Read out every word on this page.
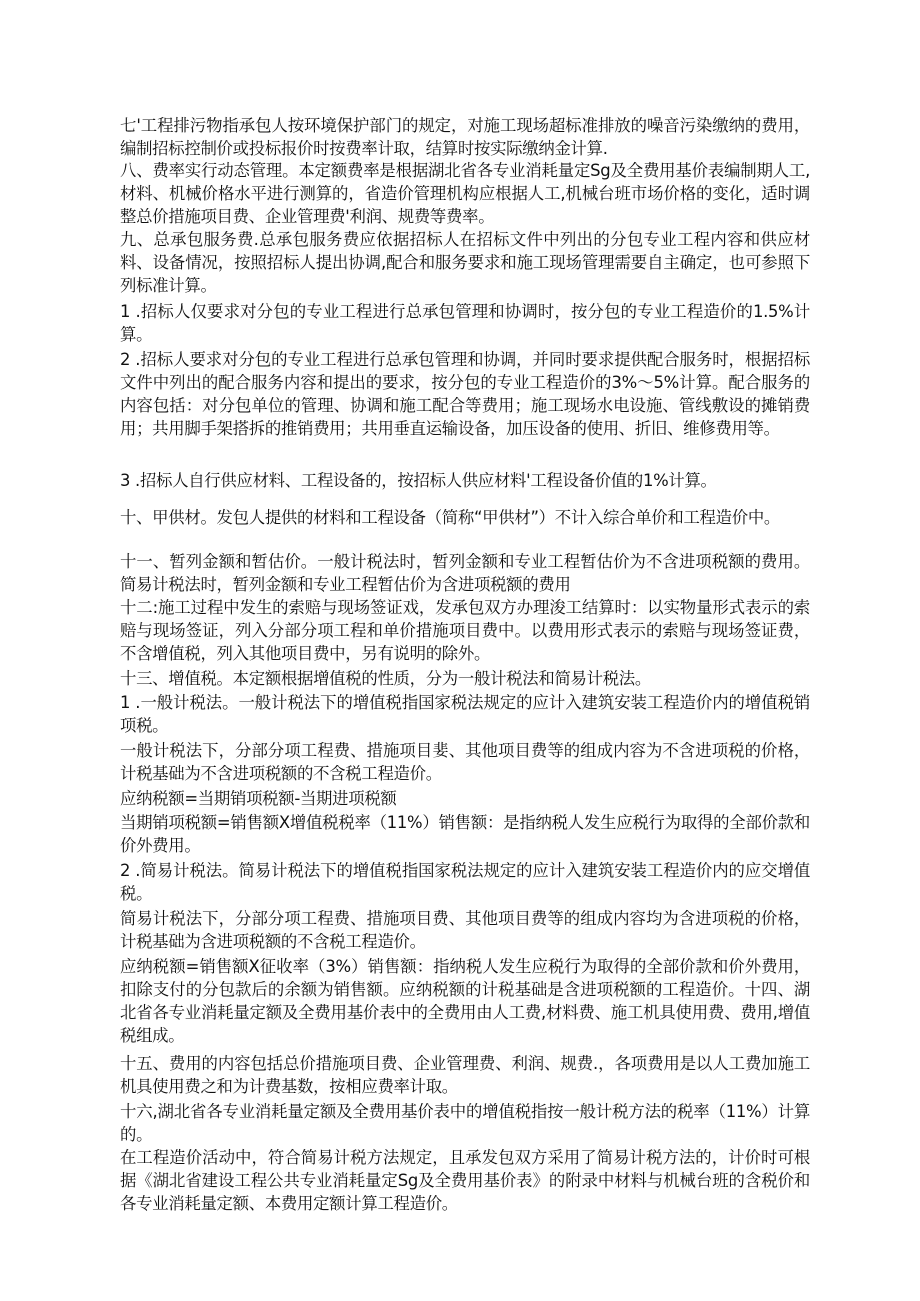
七'工程排污物指承包人按环境保护部门的规定，对施工现场超标准排放的噪音污染缴纳的费用，编制招标控制价或投标报价时按费率计取，结算时按实际缴纳金计算.

八、费率实行动态管理。本定额费率是根据湖北省各专业消耗量定Sg及全费用基价表编制期人工,材料、机械价格水平进行测算的，省造价管理机构应根据人工,机械台班市场价格的变化，适时调整总价措施项目费、企业管理费'利润、规费等费率。

九、总承包服务费.总承包服务费应依据招标人在招标文件中列出的分包专业工程内容和供应材料、设备情况，按照招标人提出协调,配合和服务要求和施工现场管理需要自主确定，也可参照下列标准计算。

1 .招标人仅要求对分包的专业工程进行总承包管理和协调时，按分包的专业工程造价的1.5%计算。

2 .招标人要求对分包的专业工程进行总承包管理和协调，并同时要求提供配合服务时，根据招标文件中列出的配合服务内容和提出的要求，按分包的专业工程造价的3%～5%计算。配合服务的内容包括：对分包单位的管理、协调和施工配合等费用；施工现场水电设施、管线敷设的摊销费用；共用脚手架搭拆的推销费用；共用垂直运输设备，加压设备的使用、折旧、维修费用等。

3 .招标人自行供应材料、工程设备的，按招标人供应材料'工程设备价值的1%计算。

十、甲供材。发包人提供的材料和工程设备（简称“甲供材”）不计入综合单价和工程造价中。

十一、暂列金额和暂估价。一般计税法时，暂列金额和专业工程暂估价为不含进项税额的费用。简易计税法时，暂列金额和专业工程暂估价为含进项税额的费用

十二:施工过程中发生的索赔与现场签证戏，发承包双方办理浚工结算时：以实物量形式表示的索赔与现场签证，列入分部分项工程和单价措施项目费中。以费用形式表示的索赔与现场签证费，不含增值税，列入其他项目费中，另有说明的除外。

十三、增值税。本定额根据增值税的性质，分为一般计税法和简易计税法。

1 .一般计税法。一般计税法下的增值税指国家税法规定的应计入建筑安装工程造价内的增值税销项税。

一般计税法下，分部分项工程费、措施项目婓、其他项目费等的组成内容为不含进项税的价格，计税基础为不含进项税额的不含税工程造价。

应纳税额=当期销项税额-当期进项税额

当期销项税额=销售额X增值税税率（11%）销售额：是指纳税人发生应税行为取得的全部价款和价外费用。

2 .简易计税法。简易计税法下的增值税指国家税法规定的应计入建筑安装工程造价内的应交增值税。

简易计税法下，分部分项工程费、措施项目费、其他项目费等的组成内容均为含进项税的价格，计税基础为含进项税额的不含税工程造价。

应纳税额=销售额X征收率（3%）销售额：指纳税人发生应税行为取得的全部价款和价外费用，扣除支付的分包款后的余额为销售额。应纳税额的计税基础是含进项税额的工程造价。十四、湖北省各专业消耗量定额及全费用基价表中的全费用由人工费,材料费、施工机具使用费、费用,增值税组成。

十五、费用的内容包括总价措施项目费、企业管理费、利润、规费.，各项费用是以人工费加施工机具使用费之和为计费基数，按相应费率计取。

十六,湖北省各专业消耗量定额及全费用基价表中的增值税指按一般计税方法的税率（11%）计算的。

在工程造价活动中，符合简易计税方法规定，且承发包双方采用了简易计税方法的，计价时可根据《湖北省建设工程公共专业消耗量定Sg及全费用基价表》的附录中材料与机械台班的含税价和各专业消耗量定额、本费用定额计算工程造价。
